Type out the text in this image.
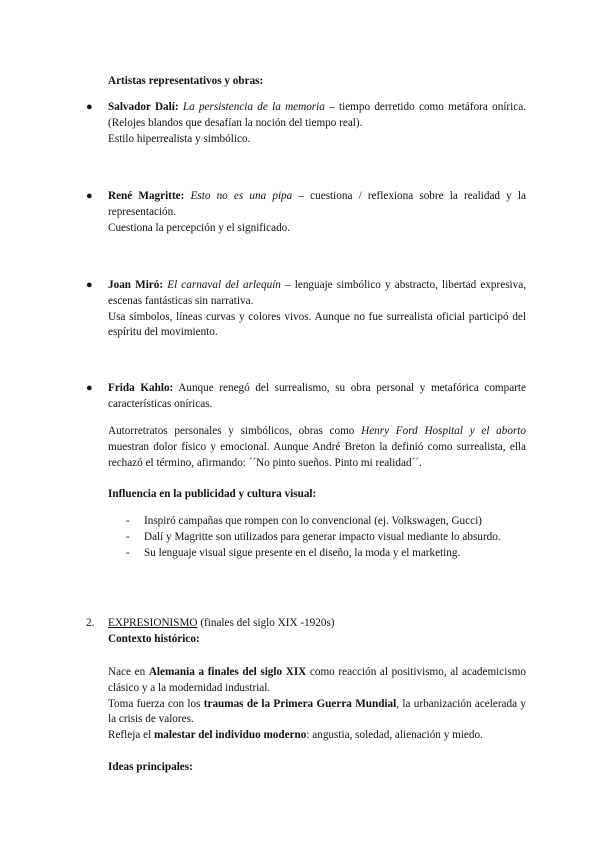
Artistas representativos y obras:
● Salvador Dalí: La persistencia de la memoria – tiempo derretido como metáfora onírica. (Relojes blandos que desafían la noción del tiempo real).

Estilo hiperrealista y simbólico.

● René Magritte: Esto no es una pipa – cuestiona / reflexiona sobre la realidad y la representación.

Cuestiona la percepción y el significado.

● Joan Miró: El carnaval del arlequín – lenguaje simbólico y abstracto, libertad expresiva, escenas fantásticas sin narrativa.

Usa símbolos, líneas curvas y colores vivos. Aunque no fue surrealista oficial participó del espíritu del movimiento.

● Frida Kahlo: Aunque renegó del surrealismo, su obra personal y metafórica comparte características oníricas.

Autorretratos personales y simbólicos, obras como Henry Ford Hospital y el aborto muestran dolor físico y emocional. Aunque André Breton la definió como surrealista, ella rechazó el término, afirmando: ´´No pinto sueños. Pinto mi realidad´´.

Influencia en la publicidad y cultura visual:
- Inspiró campañas que rompen con lo convencional (ej. Volkswagen, Gucci)
- Dalí y Magritte son utilizados para generar impacto visual mediante lo absurdo.
- Su lenguaje visual sigue presente en el diseño, la moda y el marketing.
2. EXPRESIONISMO (finales del siglo XIX -1920s)
Contexto histórico:

Nace en Alemania a finales del siglo XIX como reacción al positivismo, al academicismo clásico y a la modernidad industrial.

Toma fuerza con los traumas de la Primera Guerra Mundial, la urbanización acelerada y la crisis de valores.

Refleja el malestar del individuo moderno: angustia, soledad, alienación y miedo.

Ideas principales:
